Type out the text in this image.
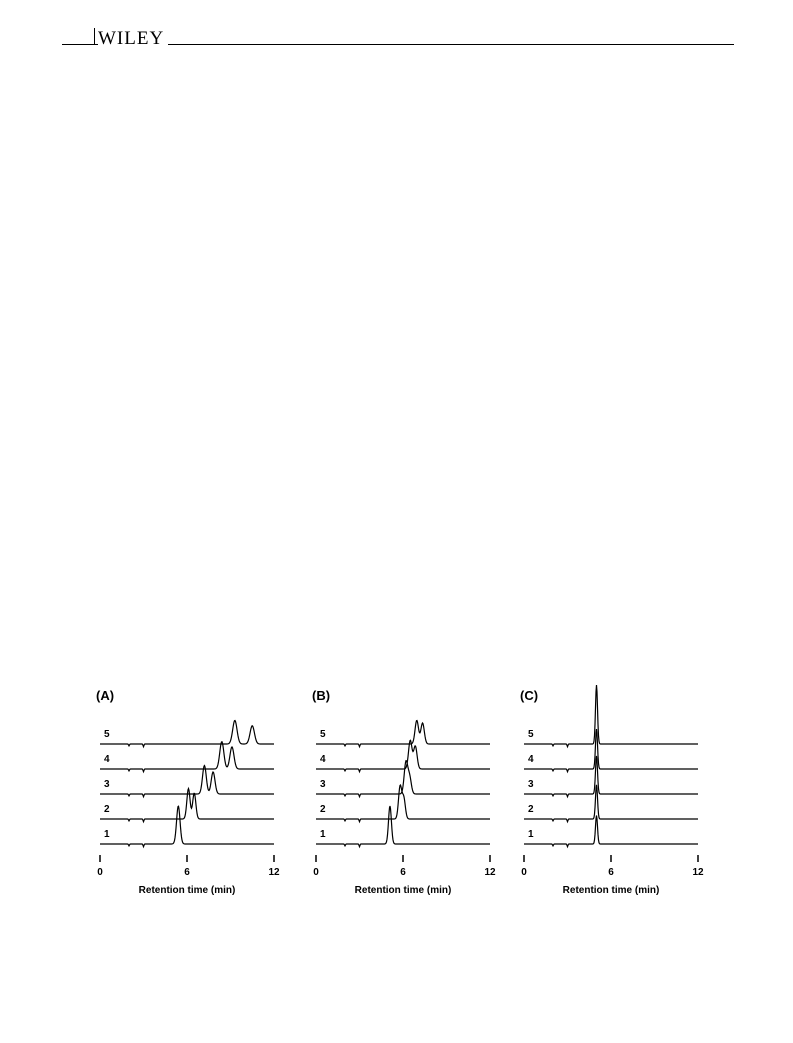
WILEY
(A)
1
2
3
4
5
0	6	12
Retention time (min)
(B)
1
2
3
4
5
0	6	12
Retention time (min)
(C)
1
2
3
4
5
0	6	12
Retention time (min)
